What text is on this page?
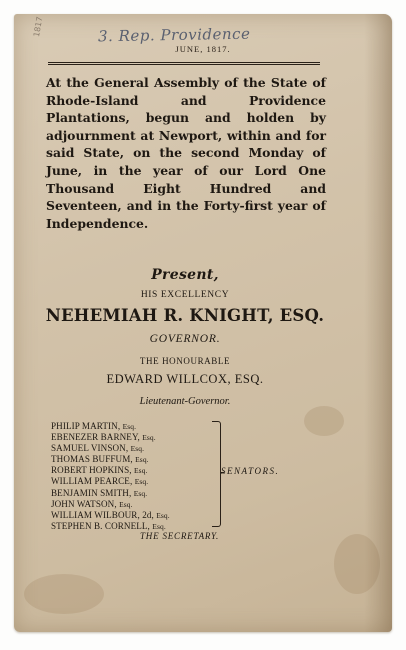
3. Rep. Providence
1817
JUNE, 1817.
At the General Assembly of the State of Rhode-Island and Providence Plantations, begun and holden by adjournment at Newport, within and for said State, on the second Monday of June, in the year of our Lord One Thousand Eight Hundred and Seventeen, and in the Forty-first year of Independence.
Present,
HIS EXCELLENCY
NEHEMIAH R. KNIGHT, ESQ.
GOVERNOR.
THE HONOURABLE
EDWARD WILLCOX, ESQ.
Lieutenant-Governor.
PHILIP MARTIN, Esq.
EBENEZER BARNEY, Esq.
SAMUEL VINSON, Esq.
THOMAS BUFFUM, Esq.
ROBERT HOPKINS, Esq.
WILLIAM PEARCE, Esq.
BENJAMIN SMITH, Esq.
JOHN WATSON, Esq.
WILLIAM WILBOUR, 2d, Esq.
STEPHEN B. CORNELL, Esq.
SENATORS.
THE SECRETARY.
